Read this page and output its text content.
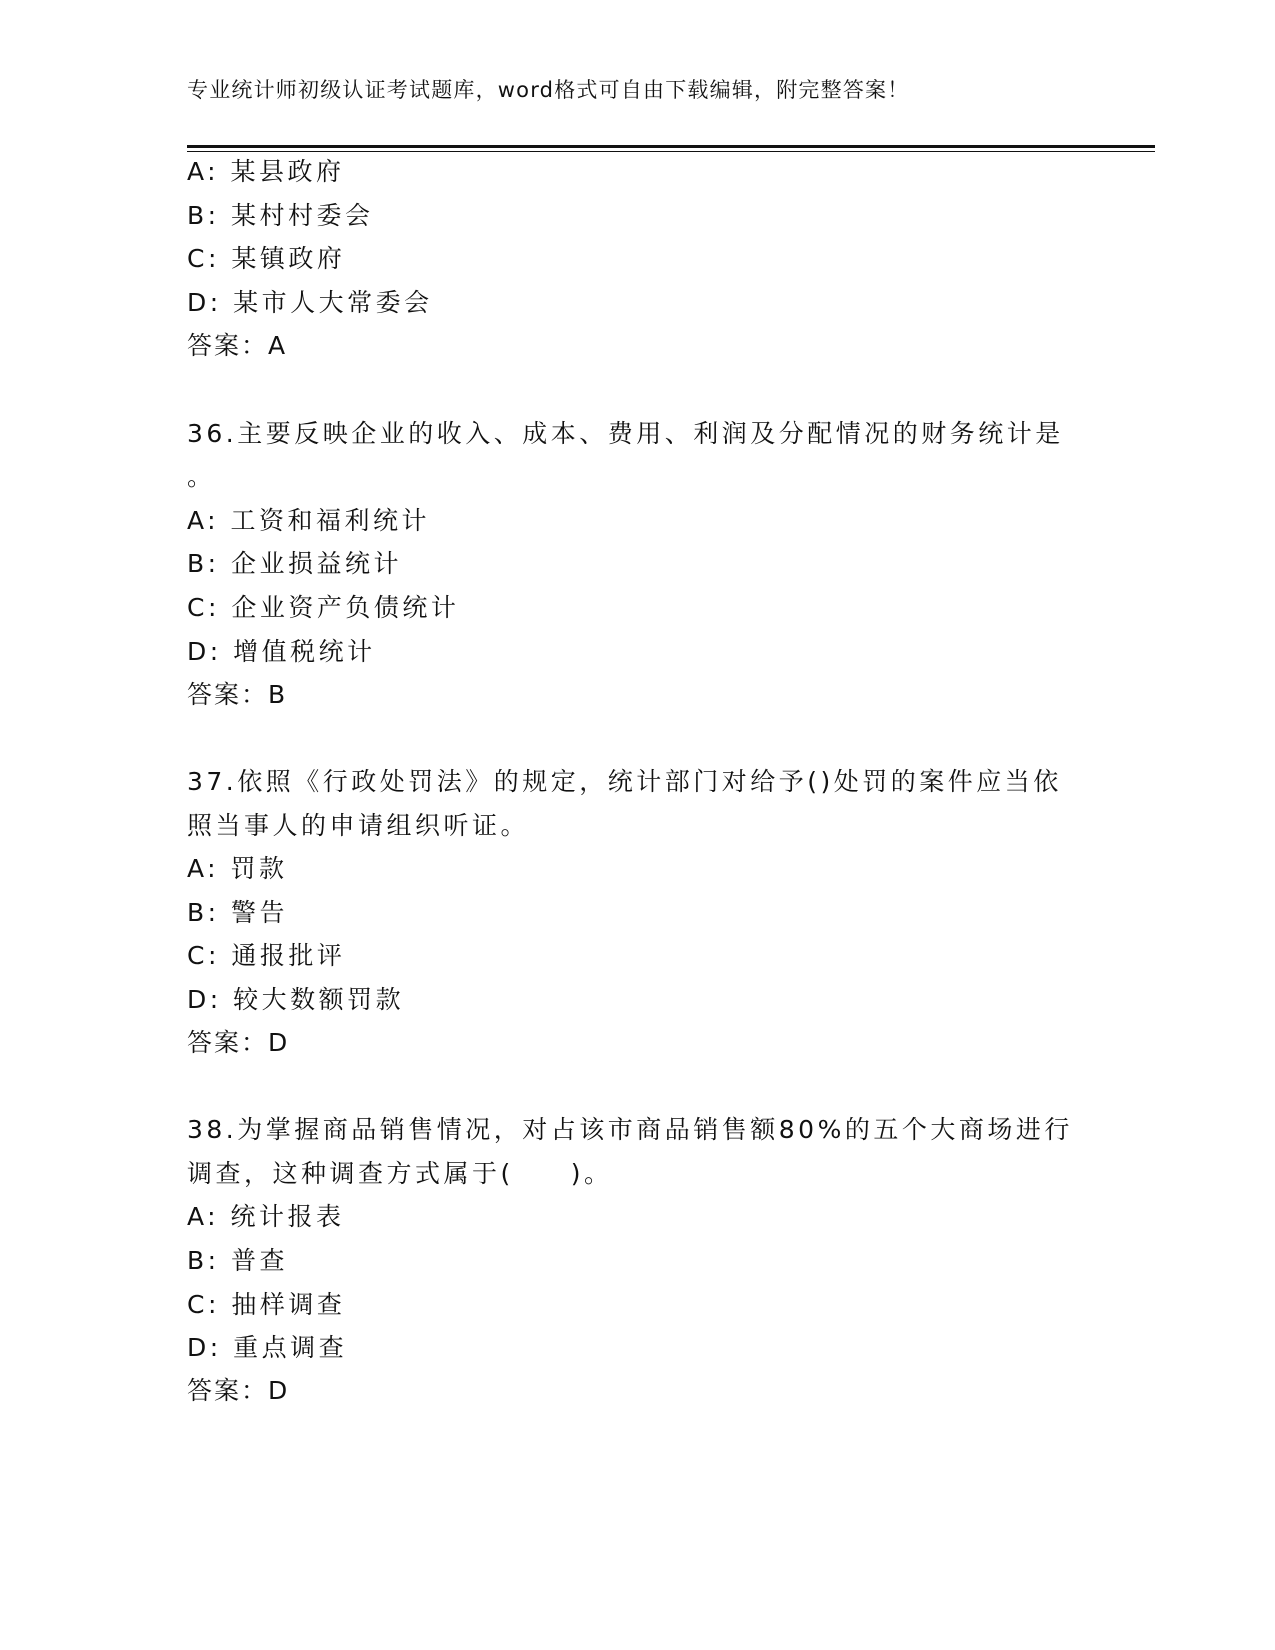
专业统计师初级认证考试题库，word格式可自由下载编辑，附完整答案！
A: 某县政府
B: 某村村委会
C: 某镇政府
D: 某市人大常委会
答案：A
36.主要反映企业的收入、成本、费用、利润及分配情况的财务统计是
。
A: 工资和福利统计
B: 企业损益统计
C: 企业资产负债统计
D: 增值税统计
答案：B
37.依照《行政处罚法》的规定，统计部门对给予()处罚的案件应当依
照当事人的申请组织听证。
A: 罚款
B: 警告
C: 通报批评
D: 较大数额罚款
答案：D
38.为掌握商品销售情况，对占该市商品销售额80%的五个大商场进行
调查，这种调查方式属于(　　)。
A: 统计报表
B: 普查
C: 抽样调查
D: 重点调查
答案：D
